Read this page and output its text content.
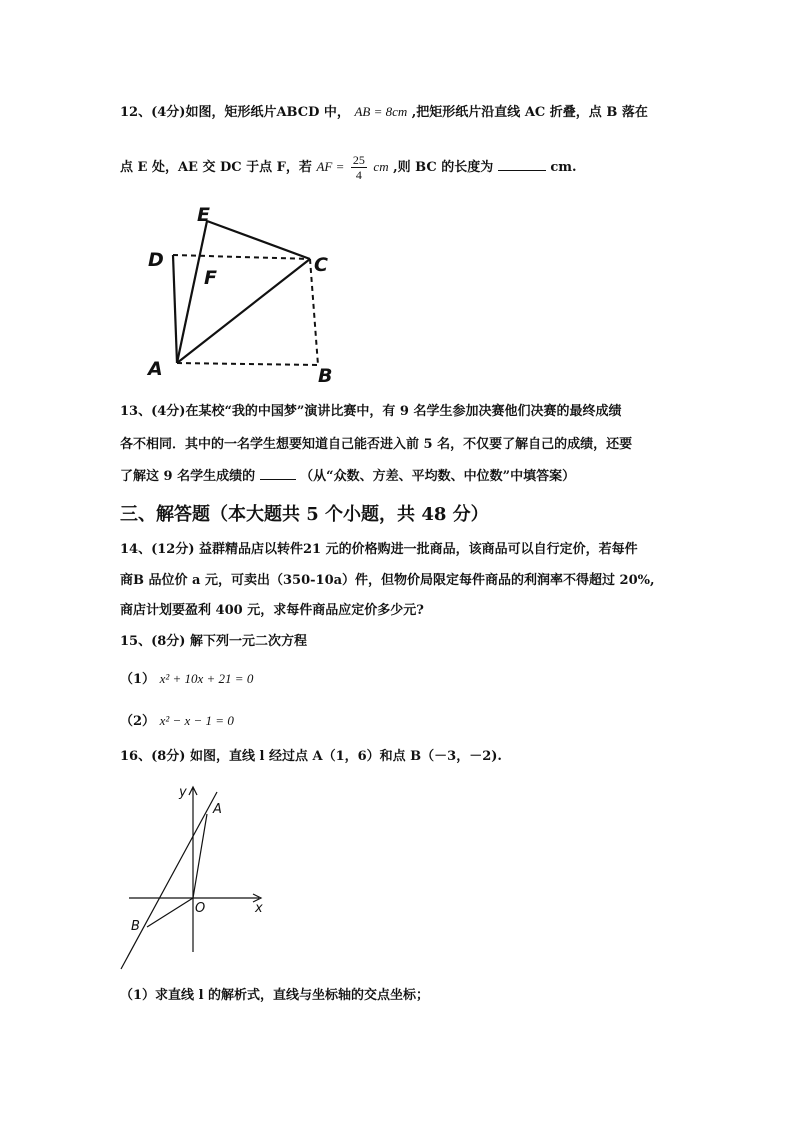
12、(4分)如图，矩形纸片ABCD 中， AB = 8cm ,把矩形纸片沿直线 AC 折叠，点 B 落在
点 E 处，AE 交 DC 于点 F，若 AF = $\frac{25}{4}$ cm ,则 BC 的长度为	cm.
E
D
F
C
A	B
13、(4分)在某校“我的中国梦”演讲比赛中，有 9 名学生参加决赛他们决赛的最终成绩
各不相同．其中的一名学生想要知道自己能否进入前 5 名，不仅要了解自己的成绩，还要
了解这 9 名学生成绩的	（从“众数、方差、平均数、中位数”中填答案）
三、解答题（本大题共 5 个小题，共 48 分）
14、(12分) 益群精品店以转件21 元的价格购进一批商品，该商品可以自行定价，若每件
商B 品位价 a 元，可卖出（350-10a）件，但物价局限定每件商品的利润率不得超过 20%,
商店计划要盈利 400 元，求每件商品应定价多少元?
15、(8分) 解下列一元二次方程
（1） x² + 10x + 21 = 0
（2） x² − x − 1 = 0
16、(8分) 如图，直线 l 经过点 A（1，6）和点 B（－3，－2).
y
A
O	x
B
（1）求直线 l 的解析式，直线与坐标轴的交点坐标；
